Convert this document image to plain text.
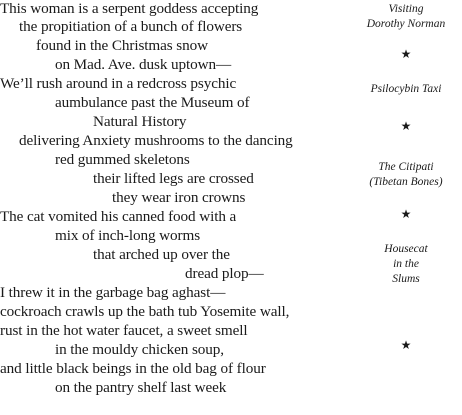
This woman is a serpent goddess accepting
the propitiation of a bunch of flowers
found in the Christmas snow
on Mad. Ave. dusk uptown—
We’ll rush around in a redcross psychic
aumbulance past the Museum of
Natural History
delivering Anxiety mushrooms to the dancing
red gummed skeletons
their lifted legs are crossed
they wear iron crowns
The cat vomited his canned food with a
mix of inch-long worms
that arched up over the
dread plop—
I threw it in the garbage bag aghast—
cockroach crawls up the bath tub Yosemite wall,
rust in the hot water faucet, a sweet smell
in the mouldy chicken soup,
and little black beings in the old bag of flour
on the pantry shelf last week
Visiting
Dorothy Norman
★
Psilocybin Taxi
★
The Citipati
(Tibetan Bones)
★
Housecat
in the
Slums
★
